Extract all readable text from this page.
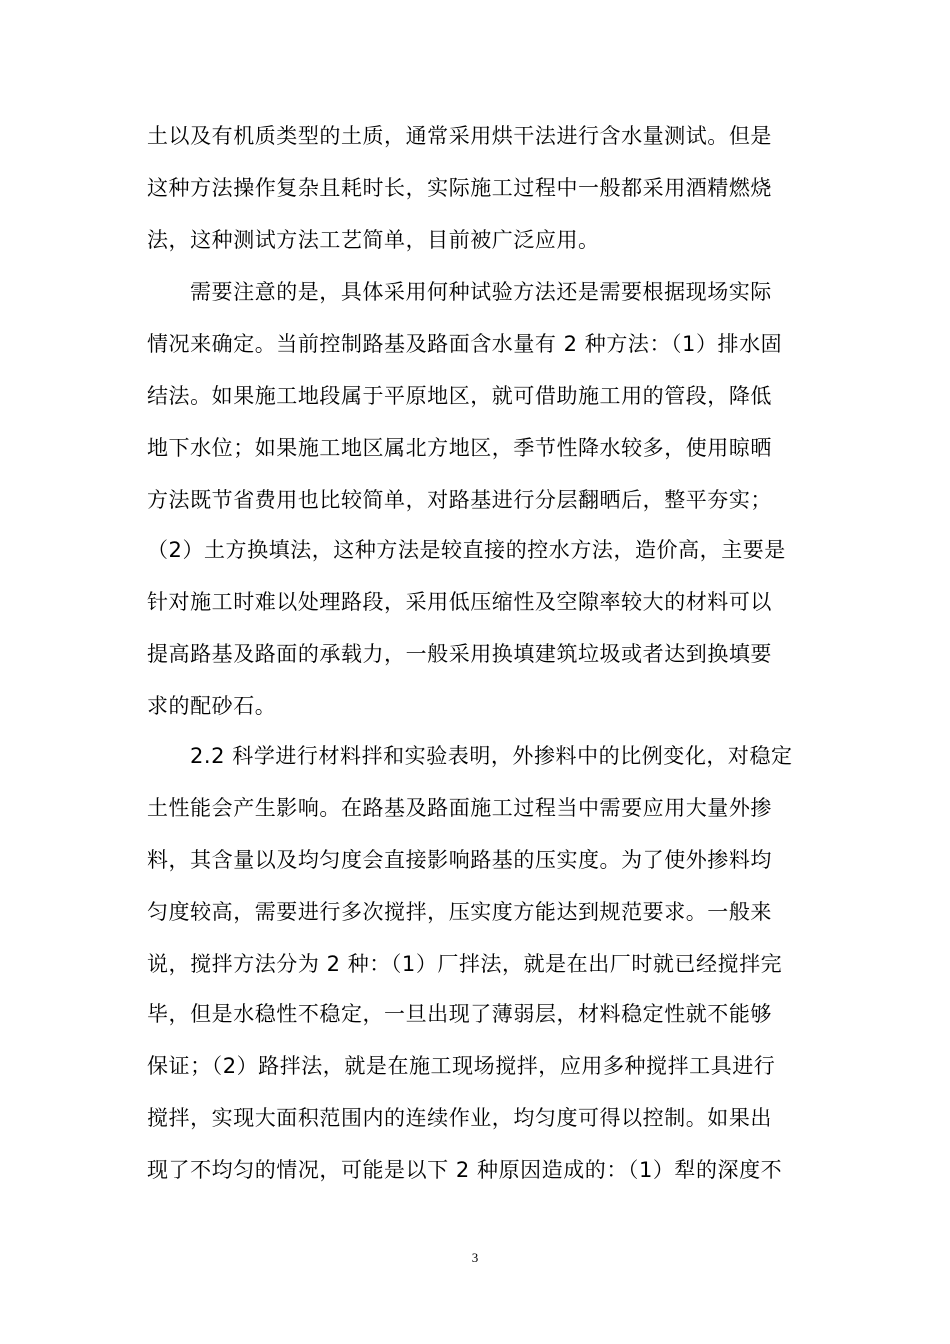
土以及有机质类型的土质，通常采用烘干法进行含水量测试。但是
这种方法操作复杂且耗时长，实际施工过程中一般都采用酒精燃烧
法，这种测试方法工艺简单，目前被广泛应用。
需要注意的是，具体采用何种试验方法还是需要根据现场实际
情况来确定。当前控制路基及路面含水量有 2 种方法：（1）排水固
结法。如果施工地段属于平原地区，就可借助施工用的管段，降低
地下水位；如果施工地区属北方地区，季节性降水较多，使用晾晒
方法既节省费用也比较简单，对路基进行分层翻晒后，整平夯实；
（2）土方换填法，这种方法是较直接的控水方法，造价高，主要是
针对施工时难以处理路段，采用低压缩性及空隙率较大的材料可以
提高路基及路面的承载力，一般采用换填建筑垃圾或者达到换填要
求的配砂石。
2.2 科学进行材料拌和实验表明，外掺料中的比例变化，对稳定
土性能会产生影响。在路基及路面施工过程当中需要应用大量外掺
料，其含量以及均匀度会直接影响路基的压实度。为了使外掺料均
匀度较高，需要进行多次搅拌，压实度方能达到规范要求。一般来
说，搅拌方法分为 2 种：（1）厂拌法，就是在出厂时就已经搅拌完
毕，但是水稳性不稳定，一旦出现了薄弱层，材料稳定性就不能够
保证；（2）路拌法，就是在施工现场搅拌，应用多种搅拌工具进行
搅拌，实现大面积范围内的连续作业，均匀度可得以控制。如果出
现了不均匀的情况，可能是以下 2 种原因造成的：（1）犁的深度不
3
